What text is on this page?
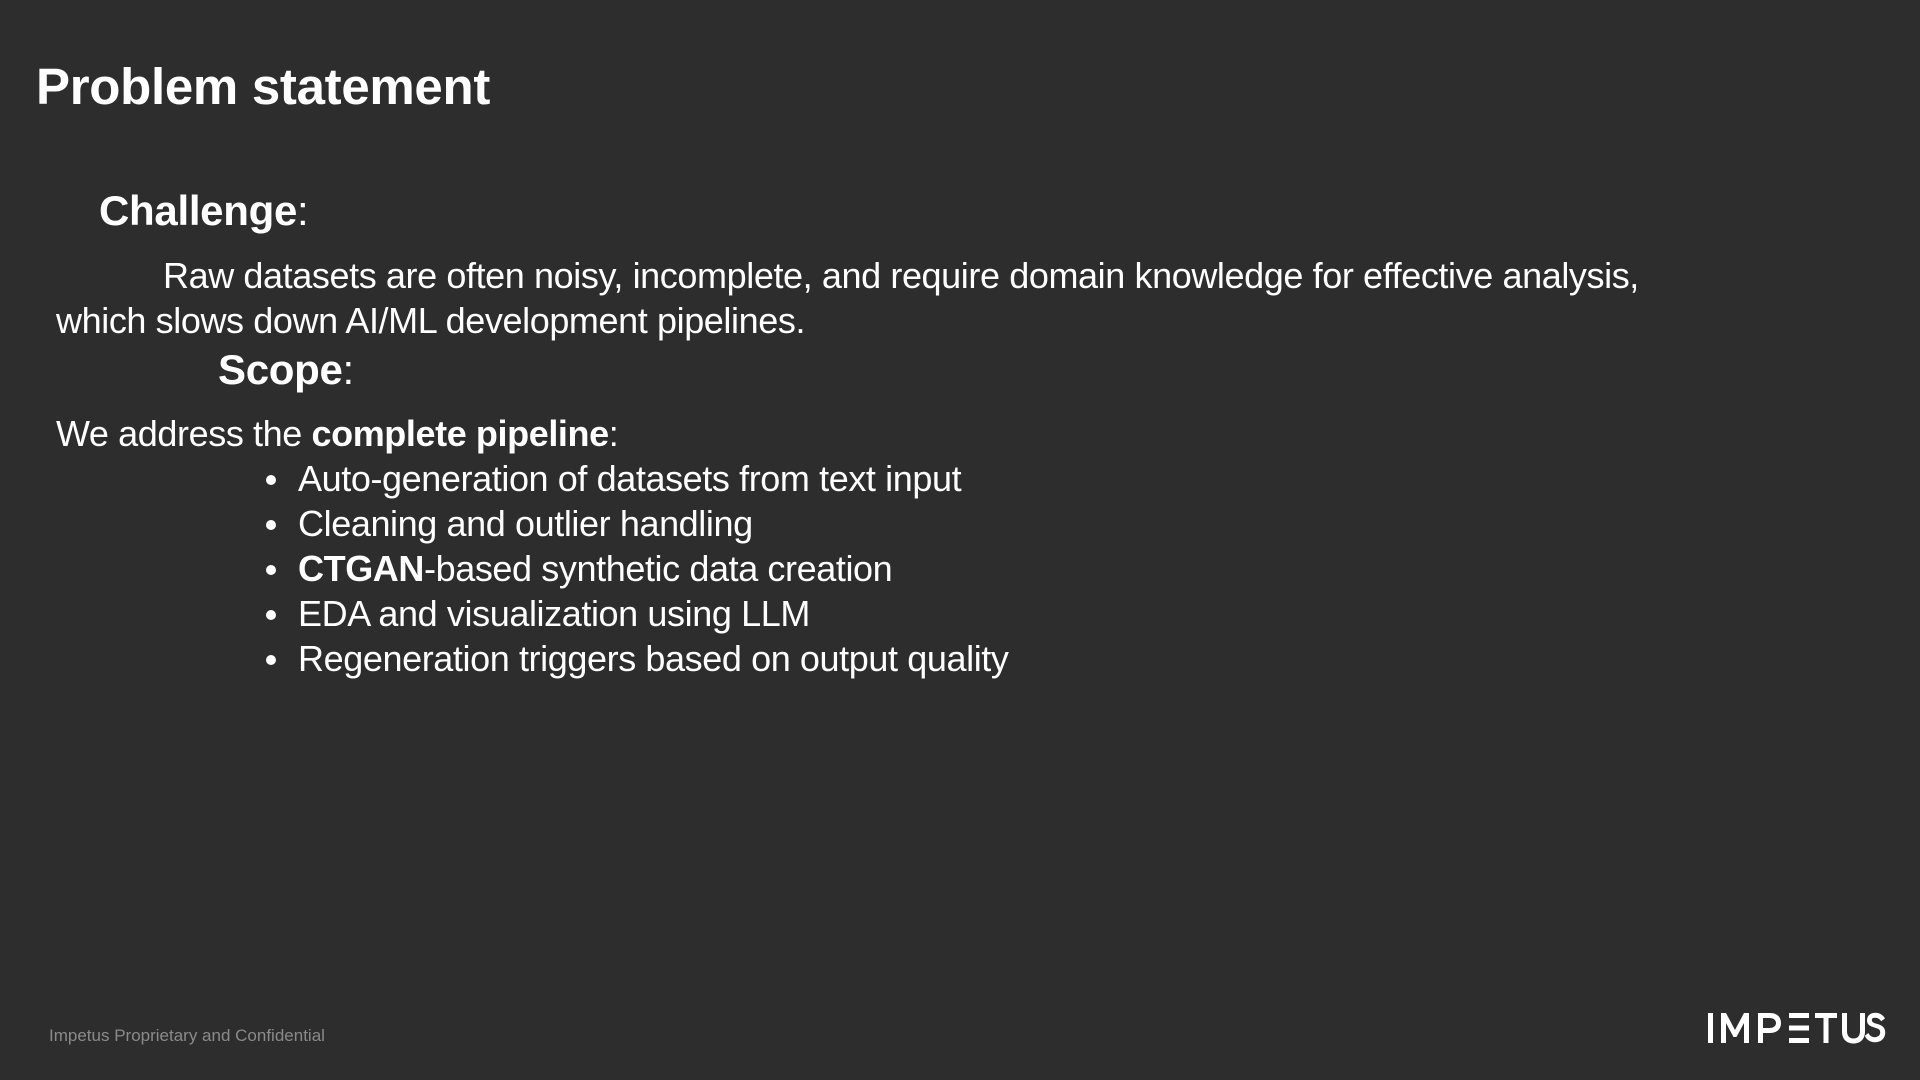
Problem statement
Challenge:
Raw datasets are often noisy, incomplete, and require domain knowledge for effective analysis,
which slows down AI/ML development pipelines.
Scope:
We address the complete pipeline:
Auto-generation of datasets from text input
Cleaning and outlier handling
CTGAN-based synthetic data creation
EDA and visualization using LLM
Regeneration triggers based on output quality
Impetus Proprietary and Confidential
